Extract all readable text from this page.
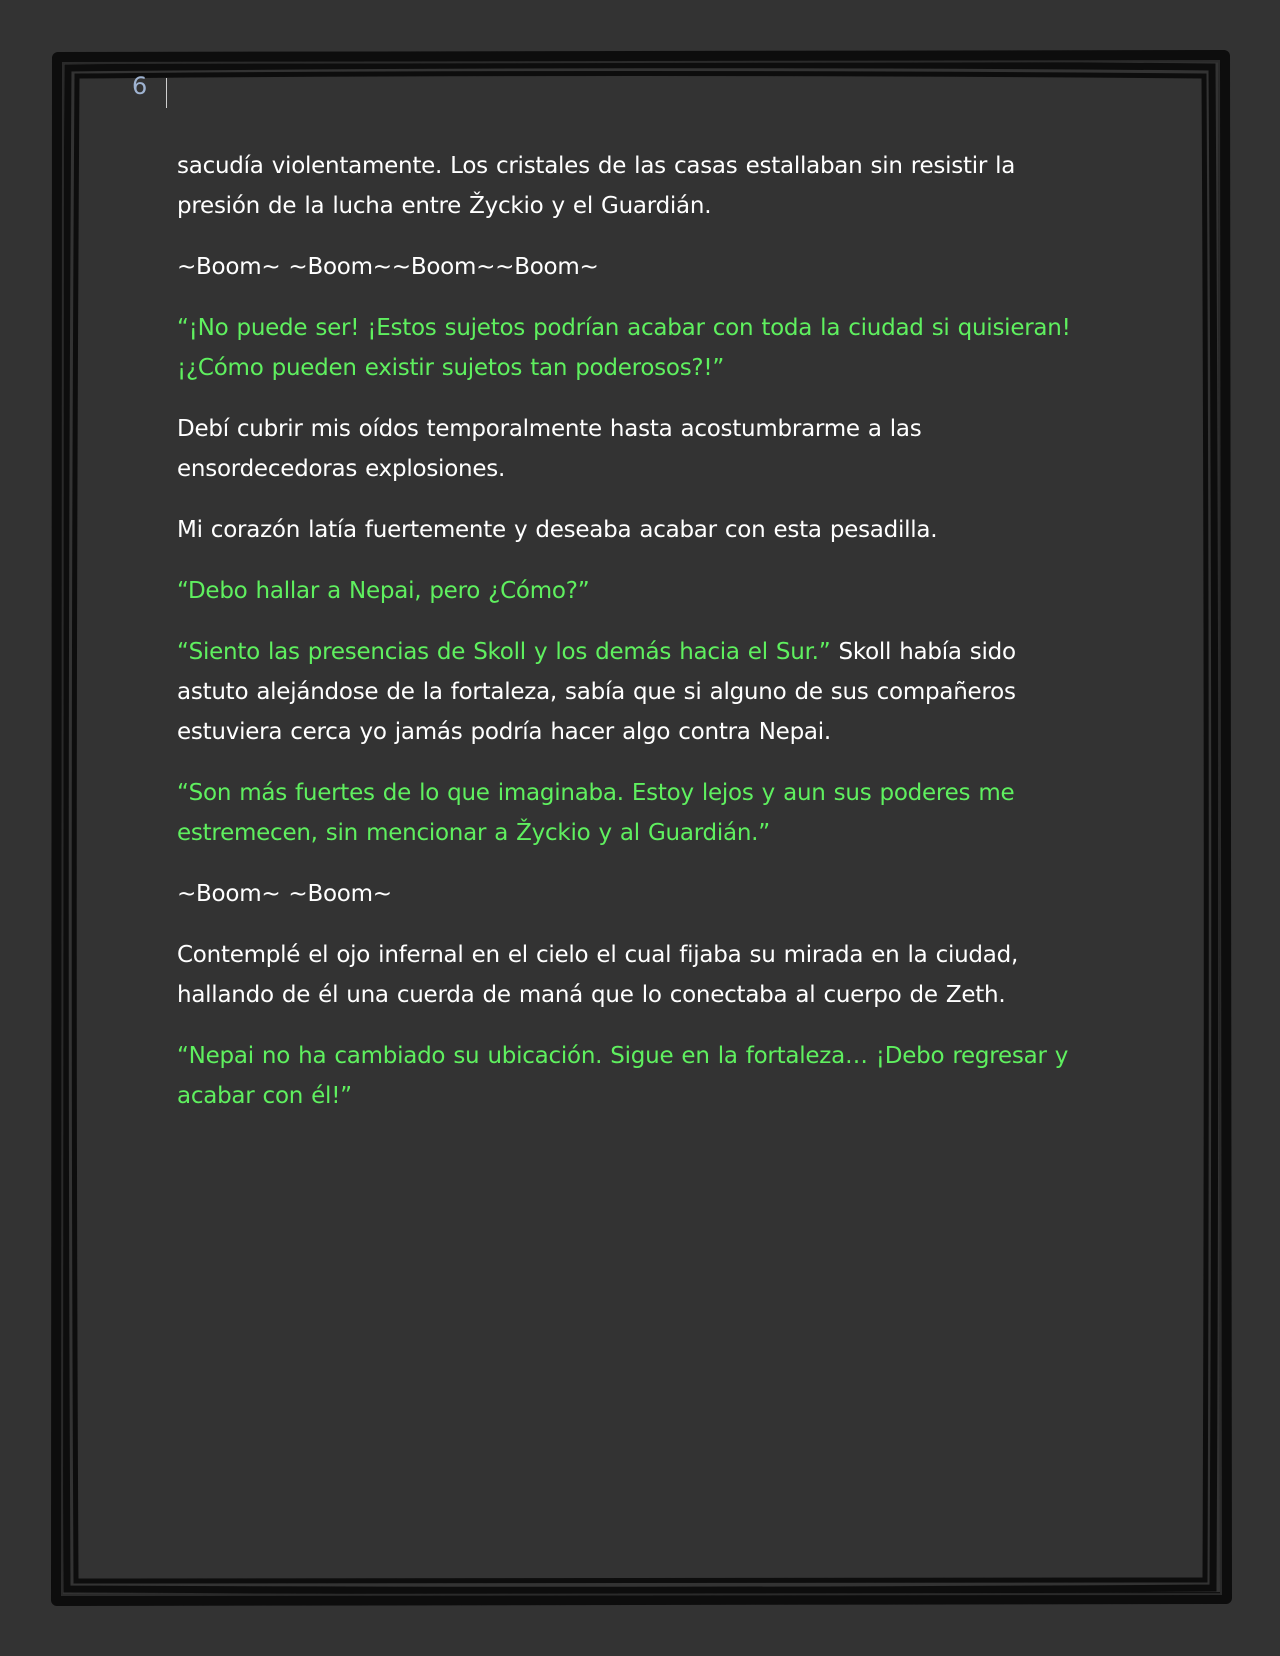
6

sacudía violentamente. Los cristales de las casas estallaban sin resistir la presión de la lucha entre Žyckio y el Guardián.

~Boom~ ~Boom~~Boom~~Boom~

“¡No puede ser! ¡Estos sujetos podrían acabar con toda la ciudad si quisieran! ¡¿Cómo pueden existir sujetos tan poderosos?!”

Debí cubrir mis oídos temporalmente hasta acostumbrarme a las ensordecedoras explosiones.

Mi corazón latía fuertemente y deseaba acabar con esta pesadilla.

“Debo hallar a Nepai, pero ¿Cómo?”

“Siento las presencias de Skoll y los demás hacia el Sur.” Skoll había sido astuto alejándose de la fortaleza, sabía que si alguno de sus compañeros estuviera cerca yo jamás podría hacer algo contra Nepai.

“Son más fuertes de lo que imaginaba. Estoy lejos y aun sus poderes me estremecen, sin mencionar a Žyckio y al Guardián.”

~Boom~ ~Boom~

Contemplé el ojo infernal en el cielo el cual fijaba su mirada en la ciudad, hallando de él una cuerda de maná que lo conectaba al cuerpo de Zeth.

“Nepai no ha cambiado su ubicación. Sigue en la fortaleza… ¡Debo regresar y acabar con él!”
